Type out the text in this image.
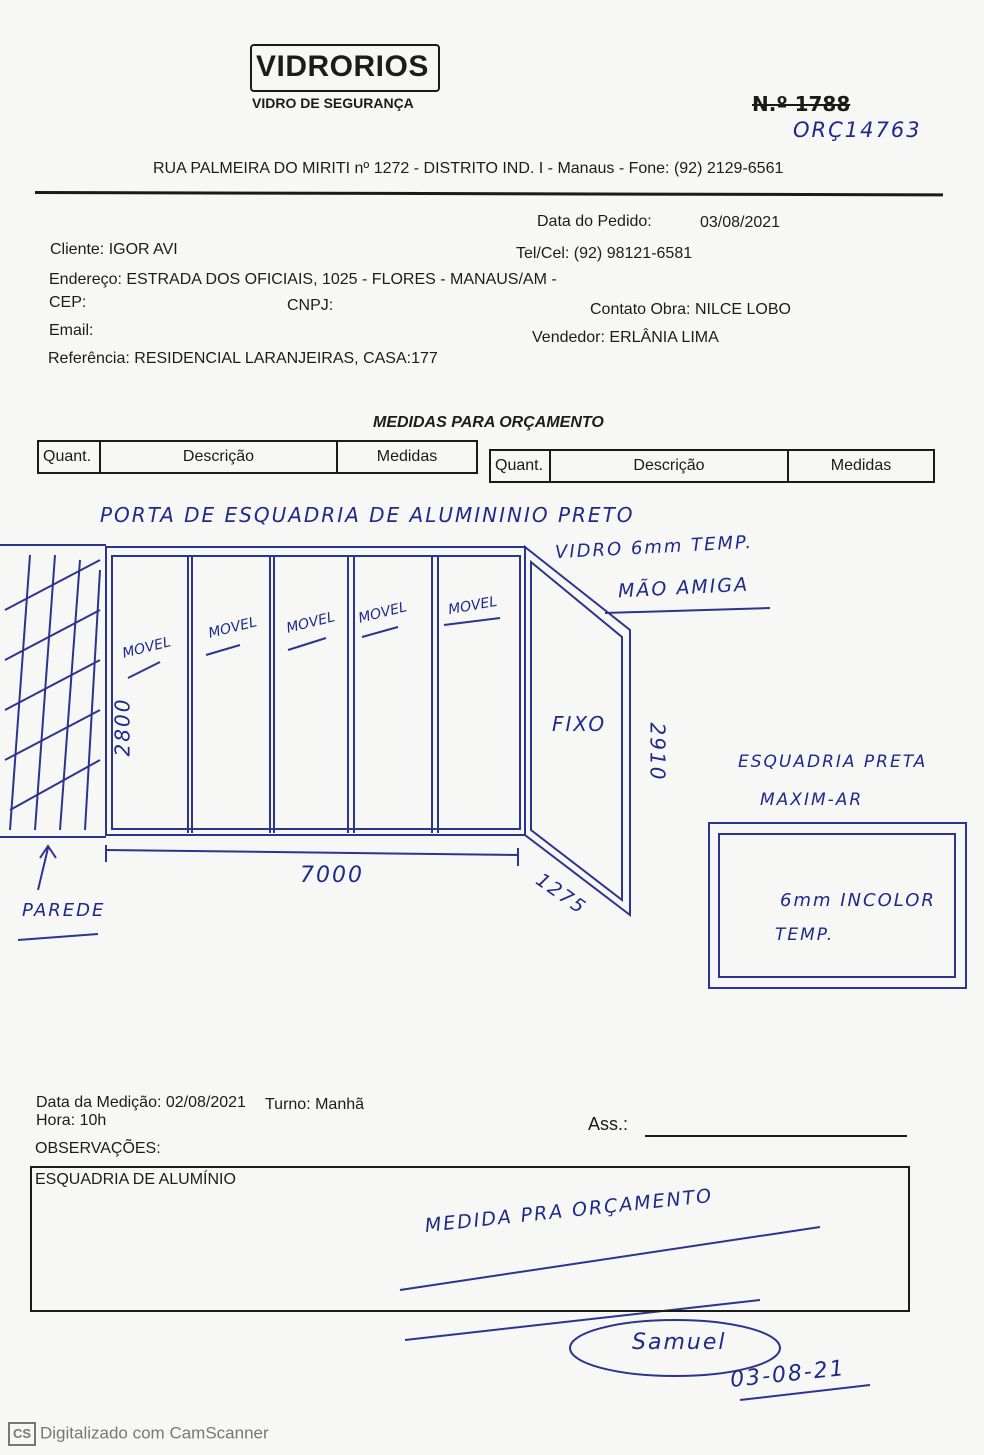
VIDRORIOS
VIDRO DE SEGURANÇA	N.º 1788
ORÇ14763
RUA PALMEIRA DO MIRITI nº 1272 - DISTRITO IND. I - Manaus - Fone: (92) 2129-6561
Data do Pedido:	03/08/2021
Cliente: IGOR AVI	Tel/Cel: (92) 98121-6581
Endereço: ESTRADA DOS OFICIAIS, 1025 - FLORES - MANAUS/AM -
CEP:	CNPJ:	Contato Obra: NILCE LOBO
Email:	Vendedor: ERLÂNIA LIMA
Referência: RESIDENCIAL LARANJEIRAS, CASA:177
MEDIDAS PARA ORÇAMENTO
Quant.	Descrição	Medidas
Quant.	Descrição	Medidas
PORTA DE ESQUADRIA DE ALUMININIO PRETO
VIDRO 6mm TEMP.
MÃO AMIGA
MOVEL
MOVEL MOVEL MOVEL	MOVEL
FIXO
2800	2910
7000	1275
PAREDE
ESQUADRIA PRETA
MAXIM-AR
6mm INCOLOR
TEMP.
Data da Medição: 02/08/2021 Turno: Manhã
Hora: 10h	Ass.:
OBSERVAÇÕES:
ESQUADRIA DE ALUMÍNIO
MEDIDA PRA ORÇAMENTO
Samuel
03-08-21
CS Digitalizado com CamScanner
